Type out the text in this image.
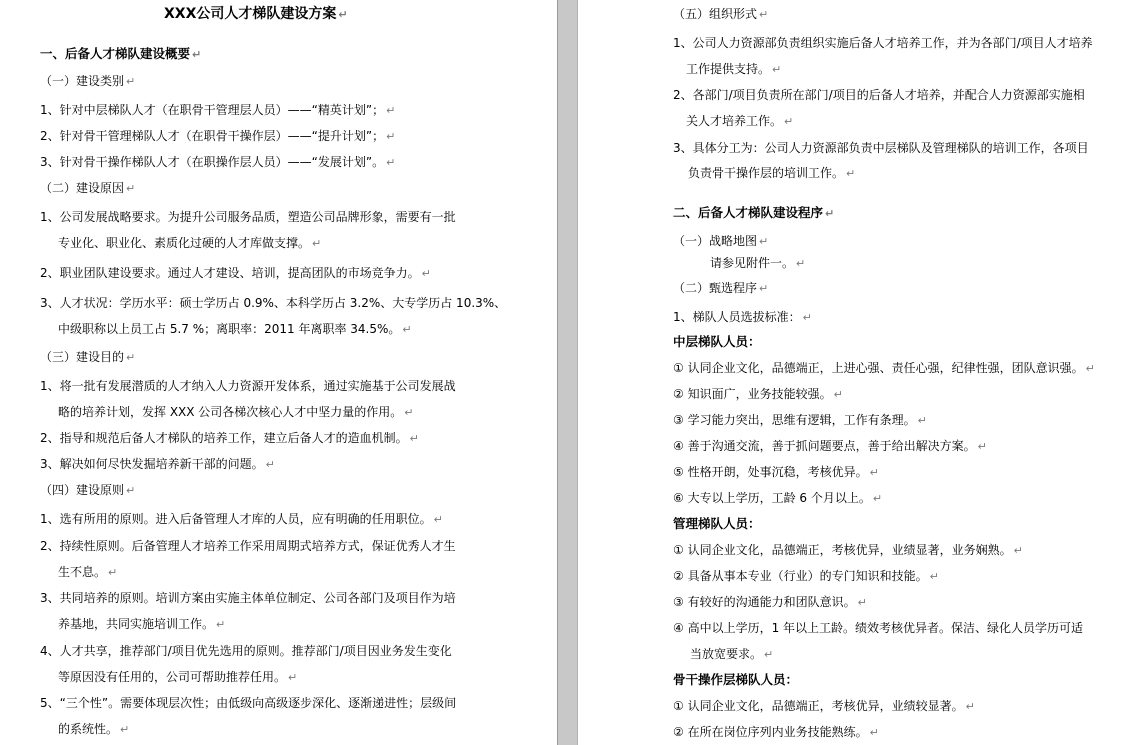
XXX公司人才梯队建设方案 ↵
一、后备人才梯队建设概要 ↵
（一）建设类别 ↵
1、针对中层梯队人才（在职骨干管理层人员）——“精英计划”； ↵
2、针对骨干管理梯队人才（在职骨干操作层）——“提升计划”； ↵
3、针对骨干操作梯队人才（在职操作层人员）——“发展计划”。 ↵
（二）建设原因 ↵
1、公司发展战略要求。为提升公司服务品质，塑造公司品牌形象，需要有一批
专业化、职业化、素质化过硬的人才库做支撑。 ↵
2、职业团队建设要求。通过人才建设、培训，提高团队的市场竞争力。 ↵
3、人才状况：学历水平：硕士学历占 0.9%、本科学历占 3.2%、大专学历占 10.3%、
中级职称以上员工占 5.7 %；离职率：2011 年离职率 34.5%。 ↵
（三）建设目的 ↵
1、将一批有发展潜质的人才纳入人力资源开发体系，通过实施基于公司发展战
略的培养计划，发挥 XXX 公司各梯次核心人才中坚力量的作用。 ↵
2、指导和规范后备人才梯队的培养工作，建立后备人才的造血机制。 ↵
3、解决如何尽快发掘培养新干部的问题。 ↵
（四）建设原则 ↵
1、选有所用的原则。进入后备管理人才库的人员，应有明确的任用职位。 ↵
2、持续性原则。后备管理人才培养工作采用周期式培养方式，保证优秀人才生
生不息。 ↵
3、共同培养的原则。培训方案由实施主体单位制定、公司各部门及项目作为培
养基地，共同实施培训工作。 ↵
4、人才共享，推荐部门/项目优先选用的原则。推荐部门/项目因业务发生变化
等原因没有任用的，公司可帮助推荐任用。 ↵
5、“三个性”。需要体现层次性；由低级向高级逐步深化、逐渐递进性；层级间
的系统性。 ↵
（五）组织形式 ↵
1、公司人力资源部负责组织实施后备人才培养工作，并为各部门/项目人才培养
工作提供支持。 ↵
2、各部门/项目负责所在部门/项目的后备人才培养，并配合人力资源部实施相
关人才培养工作。 ↵
3、具体分工为：公司人力资源部负责中层梯队及管理梯队的培训工作，各项目
负责骨干操作层的培训工作。 ↵
二、后备人才梯队建设程序 ↵
（一）战略地图 ↵
请参见附件一。 ↵
（二）甄选程序 ↵
1、梯队人员选拔标准： ↵
中层梯队人员：
① 认同企业文化，品德端正，上进心强、责任心强，纪律性强，团队意识强。 ↵
② 知识面广，业务技能较强。 ↵
③ 学习能力突出，思维有逻辑，工作有条理。 ↵
④ 善于沟通交流，善于抓问题要点，善于给出解决方案。 ↵
⑤ 性格开朗，处事沉稳，考核优异。 ↵
⑥ 大专以上学历，工龄 6 个月以上。 ↵
管理梯队人员：
① 认同企业文化，品德端正，考核优异，业绩显著，业务娴熟。 ↵
② 具备从事本专业（行业）的专门知识和技能。 ↵
③ 有较好的沟通能力和团队意识。 ↵
④ 高中以上学历，1 年以上工龄。绩效考核优异者。保洁、绿化人员学历可适
当放宽要求。 ↵
骨干操作层梯队人员：
① 认同企业文化，品德端正，考核优异，业绩较显著。 ↵
② 在所在岗位序列内业务技能熟练。 ↵
